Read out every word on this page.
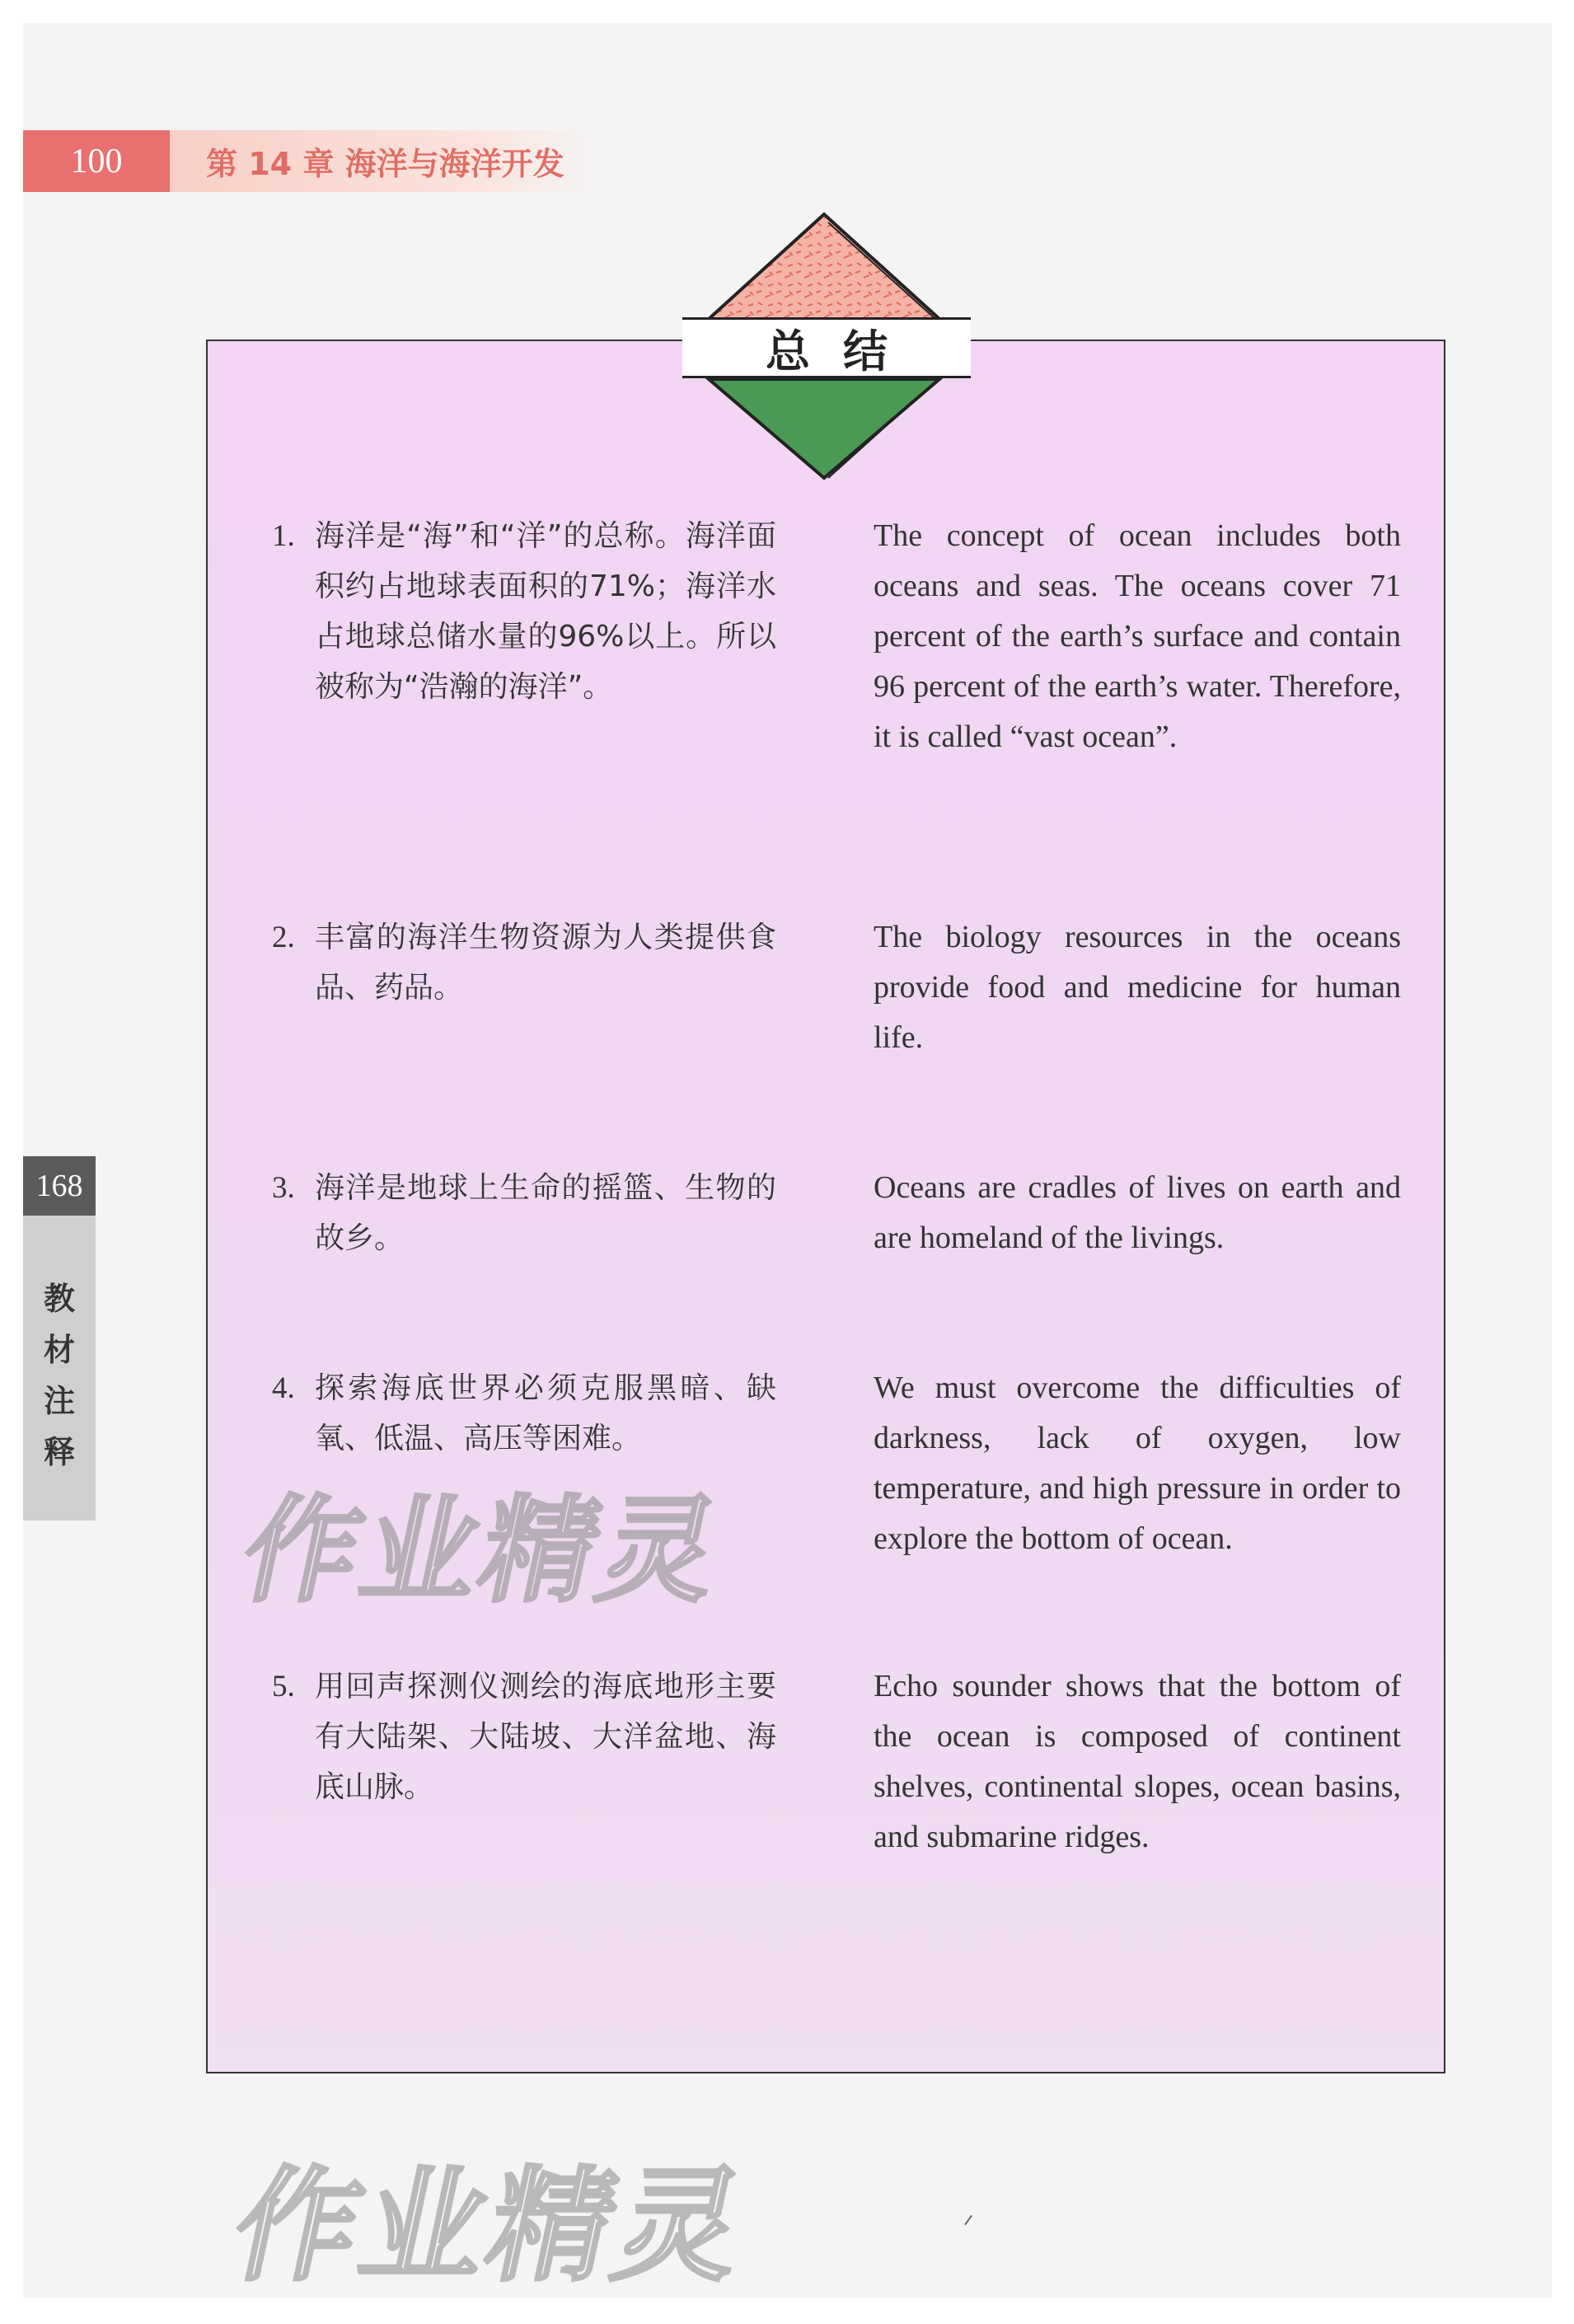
100	第 14 章 海洋与海洋开发
168
教
材
注
释
总结
1. 海洋是“海”和“洋”的总称。海洋面积约占地球表面积的71%；海洋水占地球总储水量的96%以上。所以被称为“浩瀚的海洋”。
The concept of ocean includes both oceans and seas. The oceans cover 71 percent of the earth’s surface and contain 96 percent of the earth’s water. Therefore, it is called “vast ocean”.
2. 丰富的海洋生物资源为人类提供食品、药品。
The biology resources in the oceans provide food and medicine for human life.
3. 海洋是地球上生命的摇篮、生物的故乡。
Oceans are cradles of lives on earth and are homeland of the livings.
4. 探索海底世界必须克服黑暗、缺氧、低温、高压等困难。
We must overcome the difficulties of darkness, lack of oxygen, low temperature, and high pressure in order to explore the bottom of ocean.
5. 用回声探测仪测绘的海底地形主要有大陆架、大陆坡、大洋盆地、海底山脉。
Echo sounder shows that the bottom of the ocean is composed of continent shelves, continental slopes, ocean basins, and submarine ridges.
作业精灵
作业精灵
